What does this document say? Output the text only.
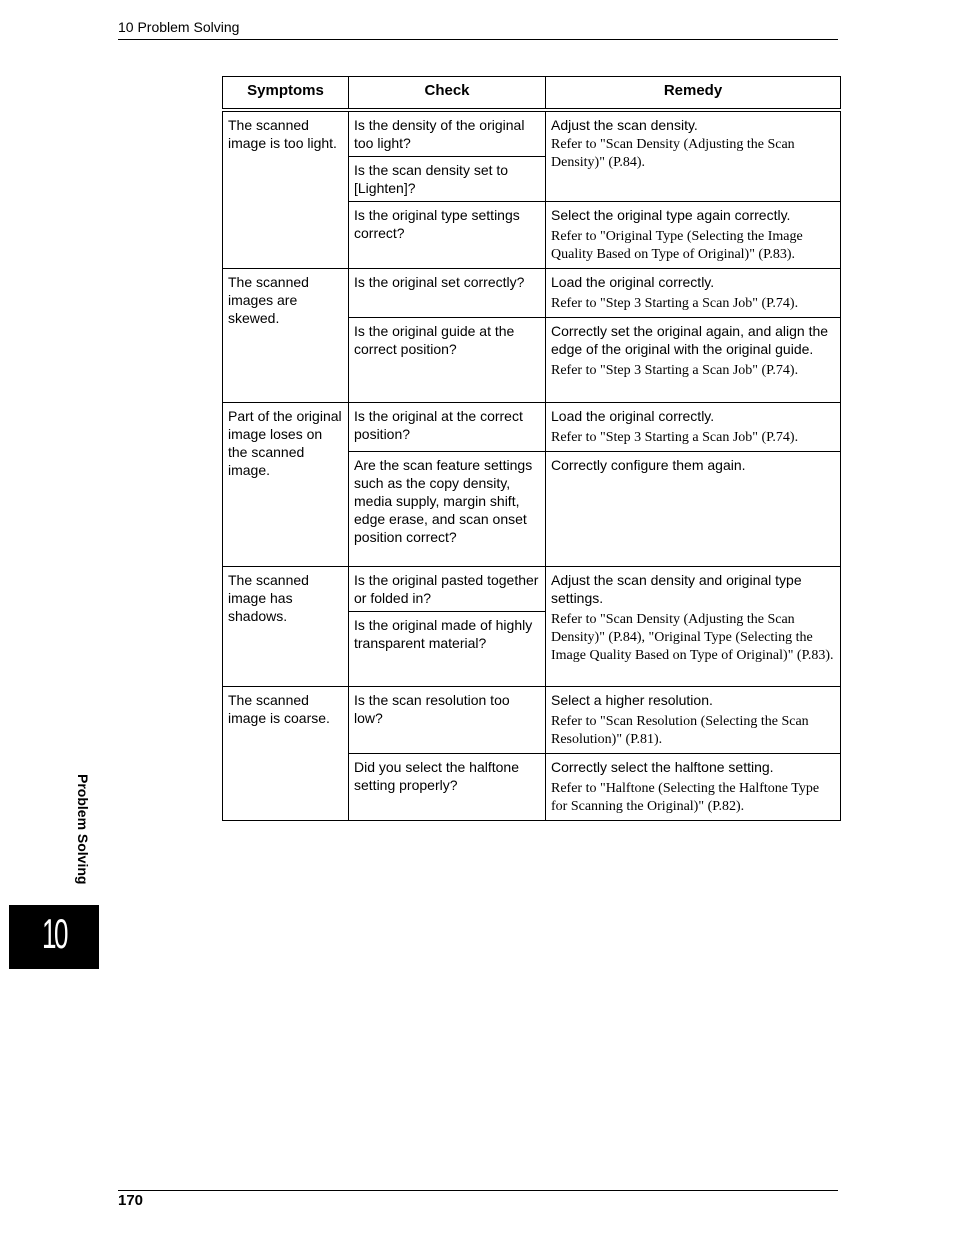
10 Problem Solving
Symptoms	Check	Remedy
The scanned image is too light.	Is the density of the original too light?	Adjust the scan density.
Refer to "Scan Density (Adjusting the Scan Density)" (P.84).

	Is the scan density set to [Lighten]?	
	Is the original type settings correct?	Select the original type again correctly.
Refer to "Original Type (Selecting the Image Quality Based on Type of Original)" (P.83).

The scanned images are skewed.	Is the original set correctly?	Load the original correctly.
Refer to "Step 3 Starting a Scan Job" (P.74).

	Is the original guide at the correct position?	Correctly set the original again, and align the edge of the original with the original guide.
Refer to "Step 3 Starting a Scan Job" (P.74).

Part of the original image loses on the scanned image.	Is the original at the correct position?	Load the original correctly.
Refer to "Step 3 Starting a Scan Job" (P.74).

	Are the scan feature settings such as the copy density, media supply, margin shift, edge erase, and scan onset position correct?	Correctly configure them again.

The scanned image has shadows.	Is the original pasted together or folded in?	Adjust the scan density and original type settings.
Refer to "Scan Density (Adjusting the Scan Density)" (P.84), "Original Type (Selecting the Image Quality Based on Type of Original)" (P.83).

	Is the original made of highly transparent material?	
The scanned image is coarse.	Is the scan resolution too low?	Select a higher resolution.
Refer to "Scan Resolution (Selecting the Scan Resolution)" (P.81).

	Did you select the halftone setting properly?	Correctly select the halftone setting.
Refer to "Halftone (Selecting the Halftone Type for Scanning the Original)" (P.82).
Problem Solving
10
170
